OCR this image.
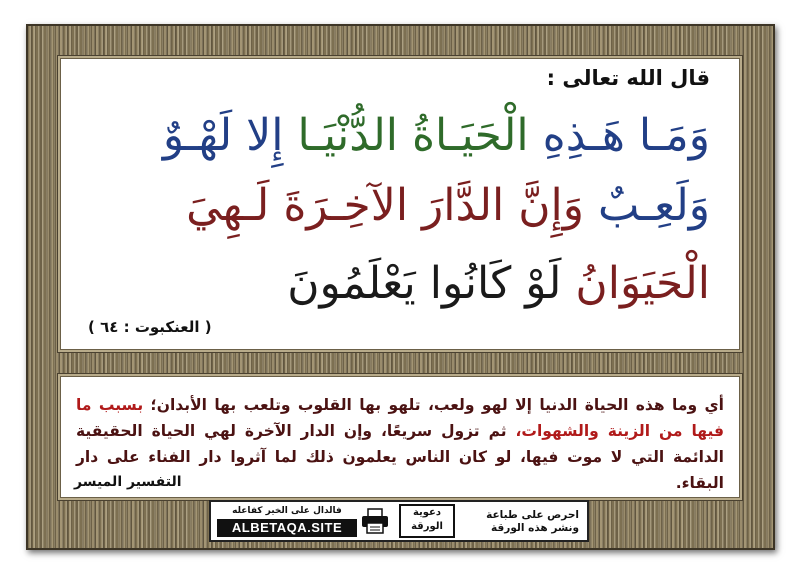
قال الله تعالى :
وَمَـا هَـذِهِ الْحَيَـاةُ الدُّنْيَـا إِلا لَهْـوٌ
وَلَعِـبٌ وَإِنَّ الدَّارَ الآخِـرَةَ لَـهِيَ
الْحَيَوَانُ لَوْ كَانُوا يَعْلَمُونَ
( العنكبوت : ٦٤ )
أي وما هذه الحياة الدنيا إلا لهو ولعب، تلهو بها القلوب وتلعب بها الأبدان؛ بسبب ما فيها من الزينة والشهوات، ثم تزول سريعًا، وإن الدار الآخرة لهي الحياة الحقيقية الدائمة التي لا موت فيها، لو كان الناس يعلمون ذلك لما آثروا دار الفناء على دار البقاء.
التفسير الميسر
فالدال على الخير كفاعله
ALBETAQA.SITE
دعوية الورقة
احرص على طباعة
ونشر هذه الورقة
